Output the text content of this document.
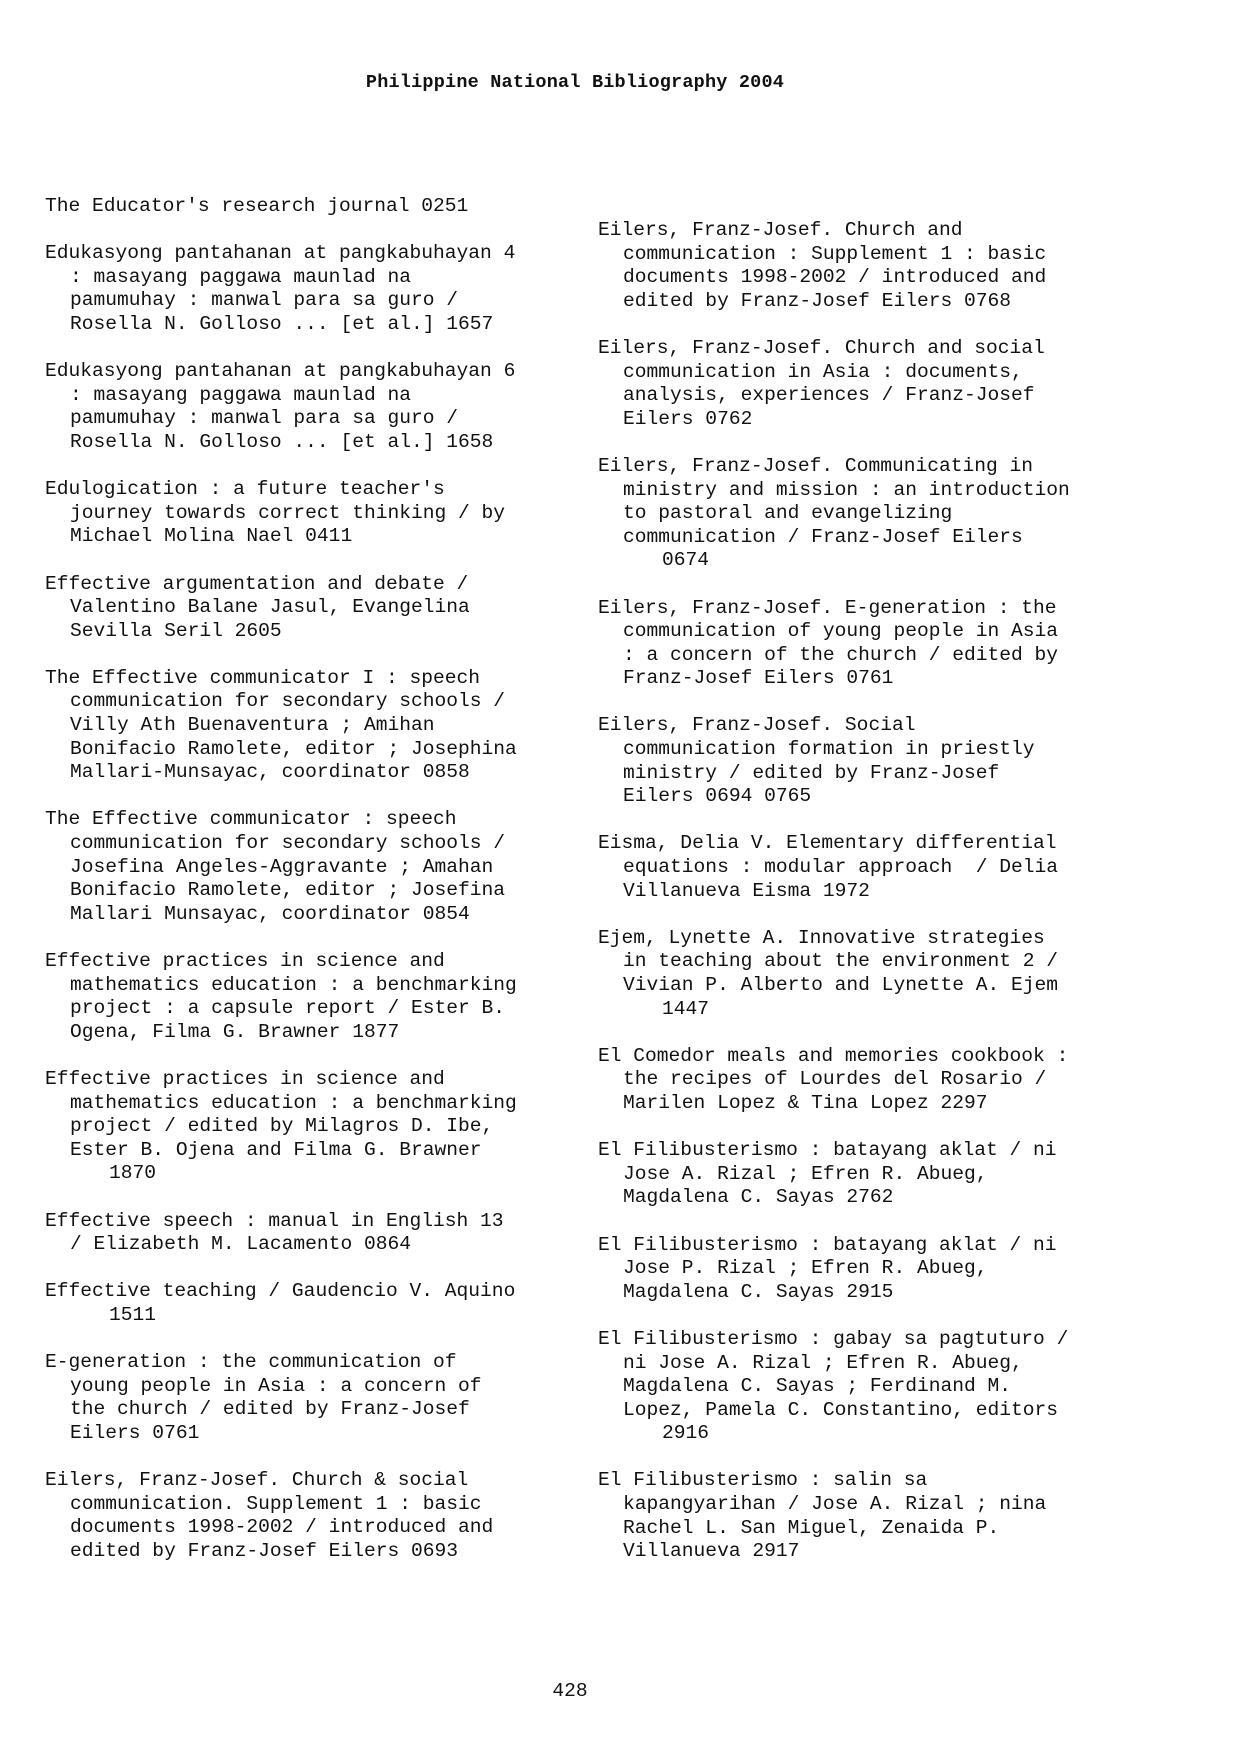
Philippine National Bibliography 2004
The Educator's research journal 0251
Edukasyong pantahanan at pangkabuhayan 4
: masayang paggawa maunlad na
pamumuhay : manwal para sa guro /
Rosella N. Golloso ... [et al.] 1657
Edukasyong pantahanan at pangkabuhayan 6
: masayang paggawa maunlad na
pamumuhay : manwal para sa guro /
Rosella N. Golloso ... [et al.] 1658
Edulogication : a future teacher's
journey towards correct thinking / by
Michael Molina Nael 0411
Effective argumentation and debate /
Valentino Balane Jasul, Evangelina
Sevilla Seril 2605
The Effective communicator I : speech
communication for secondary schools /
Villy Ath Buenaventura ; Amihan
Bonifacio Ramolete, editor ; Josephina
Mallari-Munsayac, coordinator 0858
The Effective communicator : speech
communication for secondary schools /
Josefina Angeles-Aggravante ; Amahan
Bonifacio Ramolete, editor ; Josefina
Mallari Munsayac, coordinator 0854
Effective practices in science and
mathematics education : a benchmarking
project : a capsule report / Ester B.
Ogena, Filma G. Brawner 1877
Effective practices in science and
mathematics education : a benchmarking
project / edited by Milagros D. Ibe,
Ester B. Ojena and Filma G. Brawner
1870
Effective speech : manual in English 13
/ Elizabeth M. Lacamento 0864
Effective teaching / Gaudencio V. Aquino
1511
E-generation : the communication of
young people in Asia : a concern of
the church / edited by Franz-Josef
Eilers 0761
Eilers, Franz-Josef. Church & social
communication. Supplement 1 : basic
documents 1998-2002 / introduced and
edited by Franz-Josef Eilers 0693
Eilers, Franz-Josef. Church and
communication : Supplement 1 : basic
documents 1998-2002 / introduced and
edited by Franz-Josef Eilers 0768
Eilers, Franz-Josef. Church and social
communication in Asia : documents,
analysis, experiences / Franz-Josef
Eilers 0762
Eilers, Franz-Josef. Communicating in
ministry and mission : an introduction
to pastoral and evangelizing
communication / Franz-Josef Eilers
0674
Eilers, Franz-Josef. E-generation : the
communication of young people in Asia
: a concern of the church / edited by
Franz-Josef Eilers 0761
Eilers, Franz-Josef. Social
communication formation in priestly
ministry / edited by Franz-Josef
Eilers 0694 0765
Eisma, Delia V. Elementary differential
equations : modular approach  / Delia
Villanueva Eisma 1972
Ejem, Lynette A. Innovative strategies
in teaching about the environment 2 /
Vivian P. Alberto and Lynette A. Ejem
1447
El Comedor meals and memories cookbook :
the recipes of Lourdes del Rosario /
Marilen Lopez & Tina Lopez 2297
El Filibusterismo : batayang aklat / ni
Jose A. Rizal ; Efren R. Abueg,
Magdalena C. Sayas 2762
El Filibusterismo : batayang aklat / ni
Jose P. Rizal ; Efren R. Abueg,
Magdalena C. Sayas 2915
El Filibusterismo : gabay sa pagtuturo /
ni Jose A. Rizal ; Efren R. Abueg,
Magdalena C. Sayas ; Ferdinand M.
Lopez, Pamela C. Constantino, editors
2916
El Filibusterismo : salin sa
kapangyarihan / Jose A. Rizal ; nina
Rachel L. San Miguel, Zenaida P.
Villanueva 2917
428
